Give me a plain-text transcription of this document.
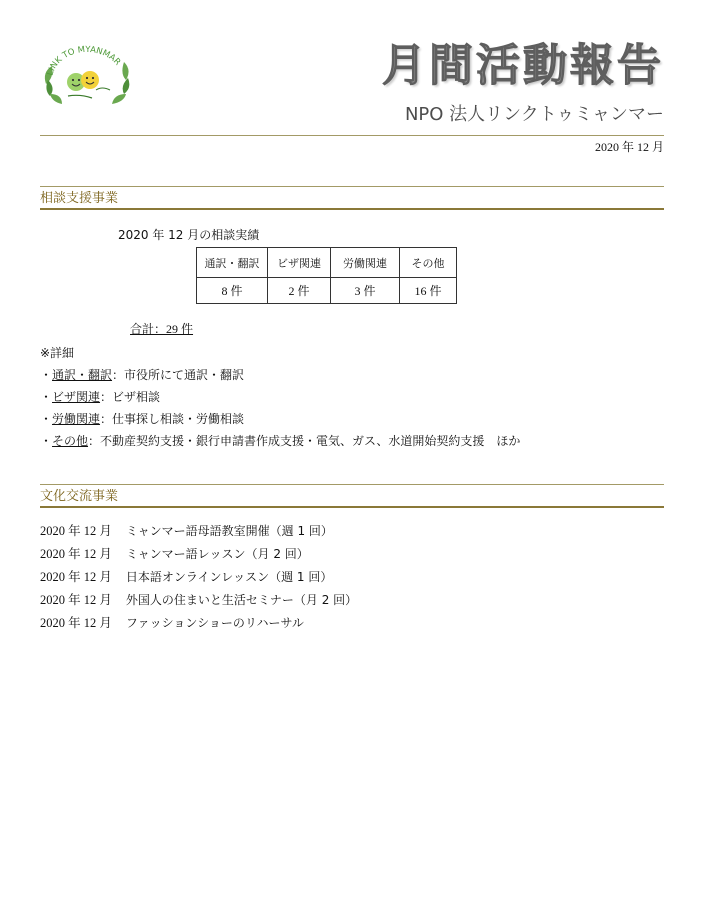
LINK TO MYANMAR	月間活動報告
NPO 法人リンクトゥミャンマー
2020 年 12 月
相談支援事業
2020 年 12 月の相談実績
通訳・翻訳	ビザ関連	労働関連	その他
8 件	2 件	3 件	16 件
合計：29 件
※詳細
・通訳・翻訳：市役所にて通訳・翻訳
・ビザ関連：ビザ相談
・労働関連：仕事探し相談・労働相談
・その他：不動産契約支援・銀行申請書作成支援・電気、ガス、水道開始契約支援　ほか
文化交流事業
2020 年 12 月 ミャンマー語母語教室開催（週 1 回）
2020 年 12 月 ミャンマー語レッスン（月 2 回）
2020 年 12 月 日本語オンラインレッスン（週 1 回）
2020 年 12 月 外国人の住まいと生活セミナー（月 2 回）
2020 年 12 月 ファッションショーのリハーサル
